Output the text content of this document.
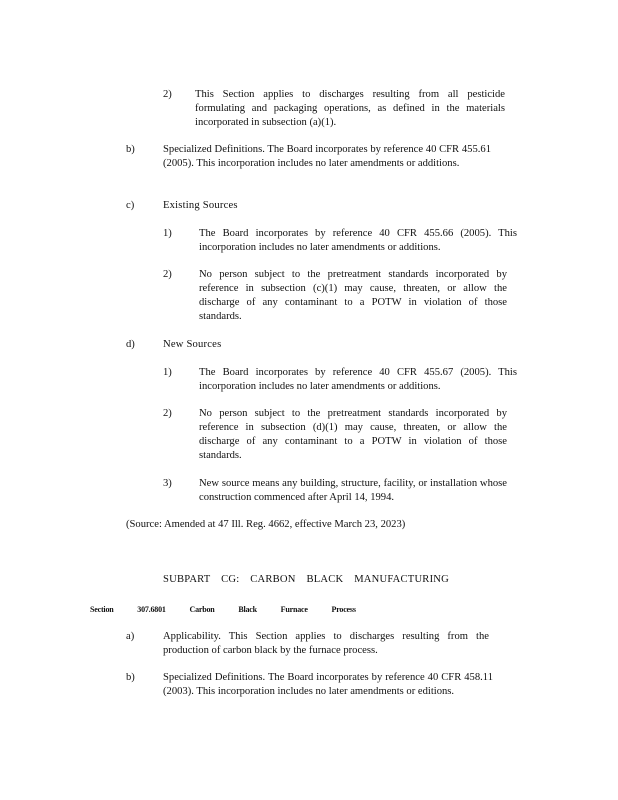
2) This Section applies to discharges resulting from all pesticide formulating and packaging operations, as defined in the materials incorporated in subsection (a)(1).

b)	Specialized Definitions. The Board incorporates by reference 40 CFR 455.61 (2005). This incorporation includes no later amendments or additions.

c)	Existing Sources
1)	The Board incorporates by reference 40 CFR 455.66 (2005). This incorporation includes no later amendments or additions.

2)	No person subject to the pretreatment standards incorporated by reference in subsection (c)(1) may cause, threaten, or allow the discharge of any contaminant to a POTW in violation of those standards.

d)	New Sources
1)	The Board incorporates by reference 40 CFR 455.67 (2005). This incorporation includes no later amendments or additions.

2)	No person subject to the pretreatment standards incorporated by reference in subsection (d)(1) may cause, threaten, or allow the discharge of any contaminant to a POTW in violation of those standards.

3)	New source means any building, structure, facility, or installation whose construction commenced after April 14, 1994.

(Source: Amended at 47 Ill. Reg. 4662, effective March 23, 2023)
SUBPART CG: CARBON BLACK MANUFACTURING
Section 307.6801 Carbon Black Furnace Process
a)	Applicability. This Section applies to discharges resulting from the production of carbon black by the furnace process.

b)	Specialized Definitions. The Board incorporates by reference 40 CFR 458.11 (2003). This incorporation includes no later amendments or editions.
